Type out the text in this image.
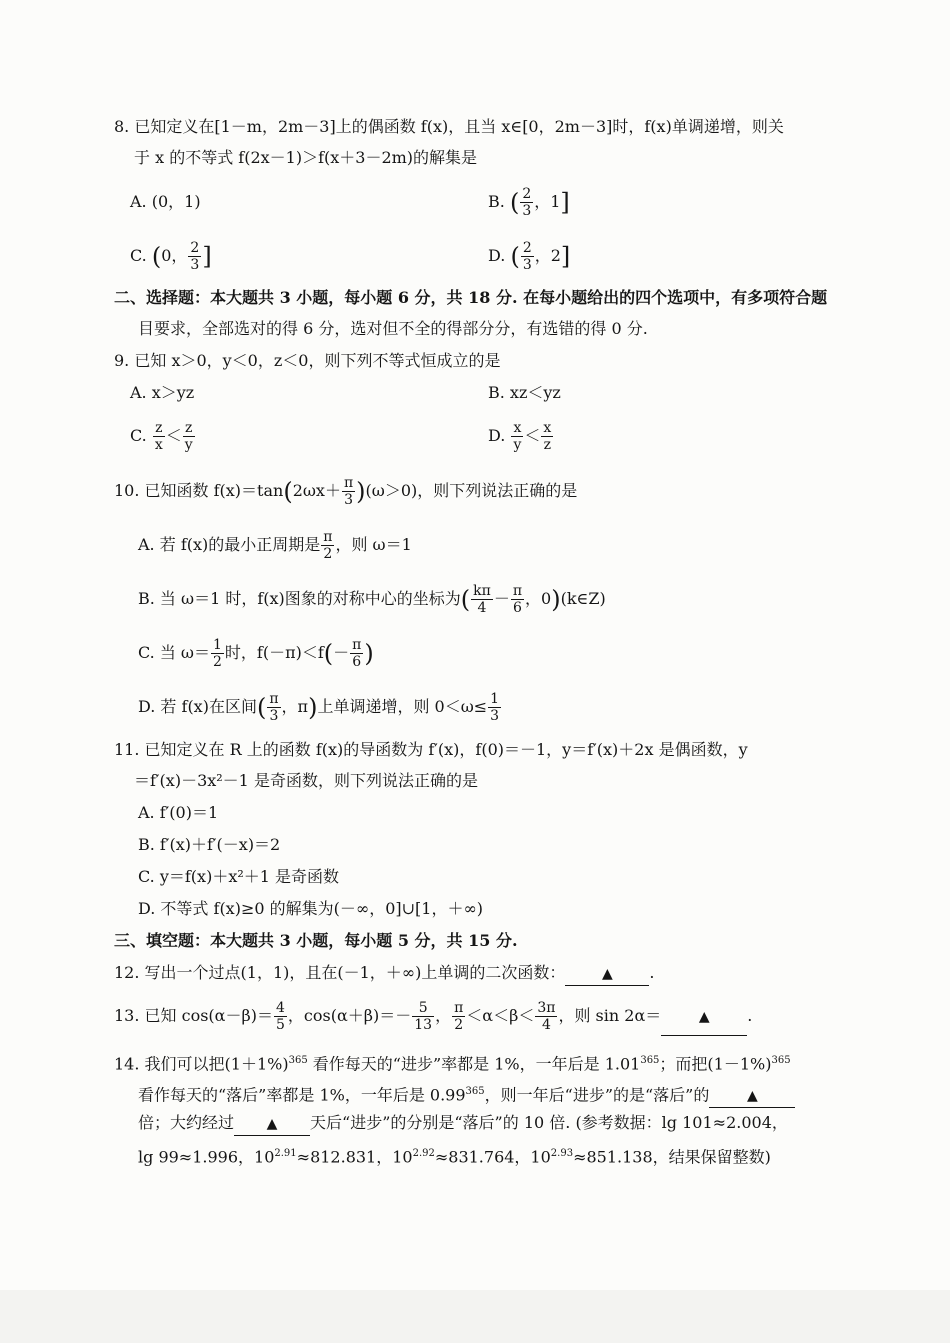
8. 已知定义在[1－m，2m－3]上的偶函数 f(x)，且当 x∈[0，2m－3]时，f(x)单调递增，则关
于 x 的不等式 f(2x－1)＞f(x＋3－2m)的解集是
A. (0，1)	B. ( $\frac{2}{3}$ ，1]
C. (0， $\frac{2}{3}$ ]	D. ( $\frac{2}{3}$ ，2]
二、选择题：本大题共 3 小题，每小题 6 分，共 18 分. 在每小题给出的四个选项中，有多项符合题
目要求，全部选对的得 6 分，选对但不全的得部分分，有选错的得 0 分.
9. 已知 x＞0，y＜0，z＜0，则下列不等式恒成立的是
A. x＞yz	B. xz＜yz
C. $\frac{z}{x} < \frac{z}{y}$	D. $\frac{x}{y} < \frac{x}{z}$
10. 已知函数 $f(x)=\tan(2\omega x+ \frac{\pi}{3} )(\omega>0)$，则下列说法正确的是
A. 若 f(x)的最小正周期是 $\frac{\pi}{2}$ ，则 ω＝1
B. 当 ω＝1 时，f(x)图象的对称中心的坐标为( $\frac{k\pi}{4} - \frac{\pi}{6}$ ，0)(k∈Z)
C. 当 $\omega= \frac{1}{2}$ 时，$f(-\pi)<f(- \frac{\pi}{6}$ )
D. 若 f(x)在区间( $\frac{\pi}{3}$ ，π)上单调递增，则 $0<\omega\le \frac{1}{3}$
11. 已知定义在 R 上的函数 f(x)的导函数为 f′(x)，f(0)＝－1，y＝f′(x)＋2x 是偶函数，y
＝f′(x)－3x²－1 是奇函数，则下列说法正确的是
A. f′(0)＝1
B. f′(x)＋f′(－x)＝2
C. y＝f(x)＋x²＋1 是奇函数
D. 不等式 f(x)≥0 的解集为(－∞，0]∪[1，＋∞)
三、填空题：本大题共 3 小题，每小题 5 分，共 15 分.
12. 写出一个过点(1，1)，且在(－1，＋∞)上单调的二次函数：	▲ .
13. 已知 $\cos(\alpha-\beta)= \frac{4}{5}$ ，$\cos(\alpha+\beta)=- \frac{5}{13}$ ， $\frac{\pi}{2} <\alpha<\beta< \frac{3\pi}{4}$ ，则 sin 2α＝	▲ .
14. 我们可以把$(1+1\%)^{365}$ 看作每天的“进步”率都是 1%，一年后是 1.01$^{365}$；而把$(1-1\%)^{365}$
看作每天的“落后”率都是 1%，一年后是 0.99$^{365}$，则一年后“进步”的是“落后”的	▲
倍；大约经过 ▲ 天后“进步”的分别是“落后”的 10 倍. (参考数据：lg 101≈2.004，
lg 99≈1.996，$10^{2.91}\approx 812.831$，$10^{2.92}\approx 831.764$，$10^{2.93}\approx 851.138$，结果保留整数)
